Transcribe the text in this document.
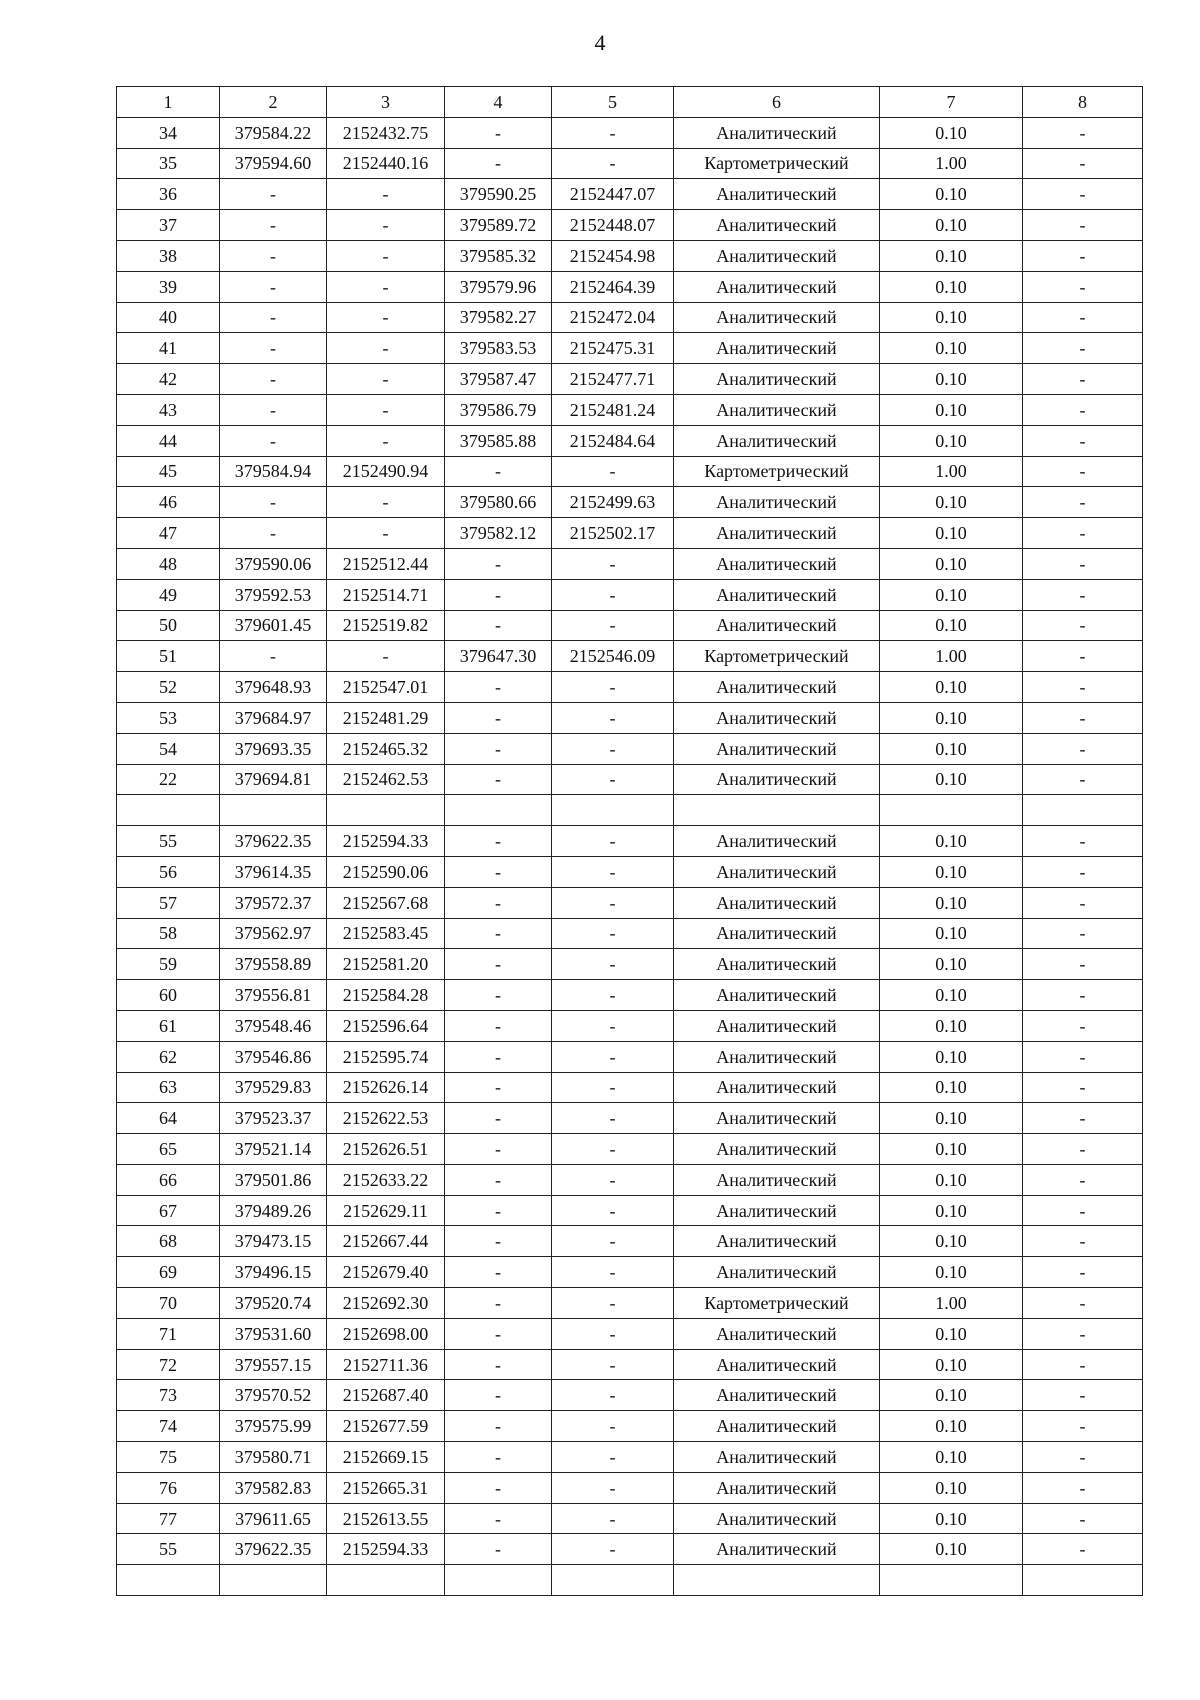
4
1	2	3	4	5	6	7	8
34	379584.22	2152432.75	-	-	Аналитический	0.10	-
35	379594.60	2152440.16	-	-	Картометрический	1.00	-
36	-	-	379590.25	2152447.07	Аналитический	0.10	-
37	-	-	379589.72	2152448.07	Аналитический	0.10	-
38	-	-	379585.32	2152454.98	Аналитический	0.10	-
39	-	-	379579.96	2152464.39	Аналитический	0.10	-
40	-	-	379582.27	2152472.04	Аналитический	0.10	-
41	-	-	379583.53	2152475.31	Аналитический	0.10	-
42	-	-	379587.47	2152477.71	Аналитический	0.10	-
43	-	-	379586.79	2152481.24	Аналитический	0.10	-
44	-	-	379585.88	2152484.64	Аналитический	0.10	-
45	379584.94	2152490.94	-	-	Картометрический	1.00	-
46	-	-	379580.66	2152499.63	Аналитический	0.10	-
47	-	-	379582.12	2152502.17	Аналитический	0.10	-
48	379590.06	2152512.44	-	-	Аналитический	0.10	-
49	379592.53	2152514.71	-	-	Аналитический	0.10	-
50	379601.45	2152519.82	-	-	Аналитический	0.10	-
51	-	-	379647.30	2152546.09	Картометрический	1.00	-
52	379648.93	2152547.01	-	-	Аналитический	0.10	-
53	379684.97	2152481.29	-	-	Аналитический	0.10	-
54	379693.35	2152465.32	-	-	Аналитический	0.10	-
22	379694.81	2152462.53	-	-	Аналитический	0.10	-

55	379622.35	2152594.33	-	-	Аналитический	0.10	-
56	379614.35	2152590.06	-	-	Аналитический	0.10	-
57	379572.37	2152567.68	-	-	Аналитический	0.10	-
58	379562.97	2152583.45	-	-	Аналитический	0.10	-
59	379558.89	2152581.20	-	-	Аналитический	0.10	-
60	379556.81	2152584.28	-	-	Аналитический	0.10	-
61	379548.46	2152596.64	-	-	Аналитический	0.10	-
62	379546.86	2152595.74	-	-	Аналитический	0.10	-
63	379529.83	2152626.14	-	-	Аналитический	0.10	-
64	379523.37	2152622.53	-	-	Аналитический	0.10	-
65	379521.14	2152626.51	-	-	Аналитический	0.10	-
66	379501.86	2152633.22	-	-	Аналитический	0.10	-
67	379489.26	2152629.11	-	-	Аналитический	0.10	-
68	379473.15	2152667.44	-	-	Аналитический	0.10	-
69	379496.15	2152679.40	-	-	Аналитический	0.10	-
70	379520.74	2152692.30	-	-	Картометрический	1.00	-
71	379531.60	2152698.00	-	-	Аналитический	0.10	-
72	379557.15	2152711.36	-	-	Аналитический	0.10	-
73	379570.52	2152687.40	-	-	Аналитический	0.10	-
74	379575.99	2152677.59	-	-	Аналитический	0.10	-
75	379580.71	2152669.15	-	-	Аналитический	0.10	-
76	379582.83	2152665.31	-	-	Аналитический	0.10	-
77	379611.65	2152613.55	-	-	Аналитический	0.10	-
55	379622.35	2152594.33	-	-	Аналитический	0.10	-
